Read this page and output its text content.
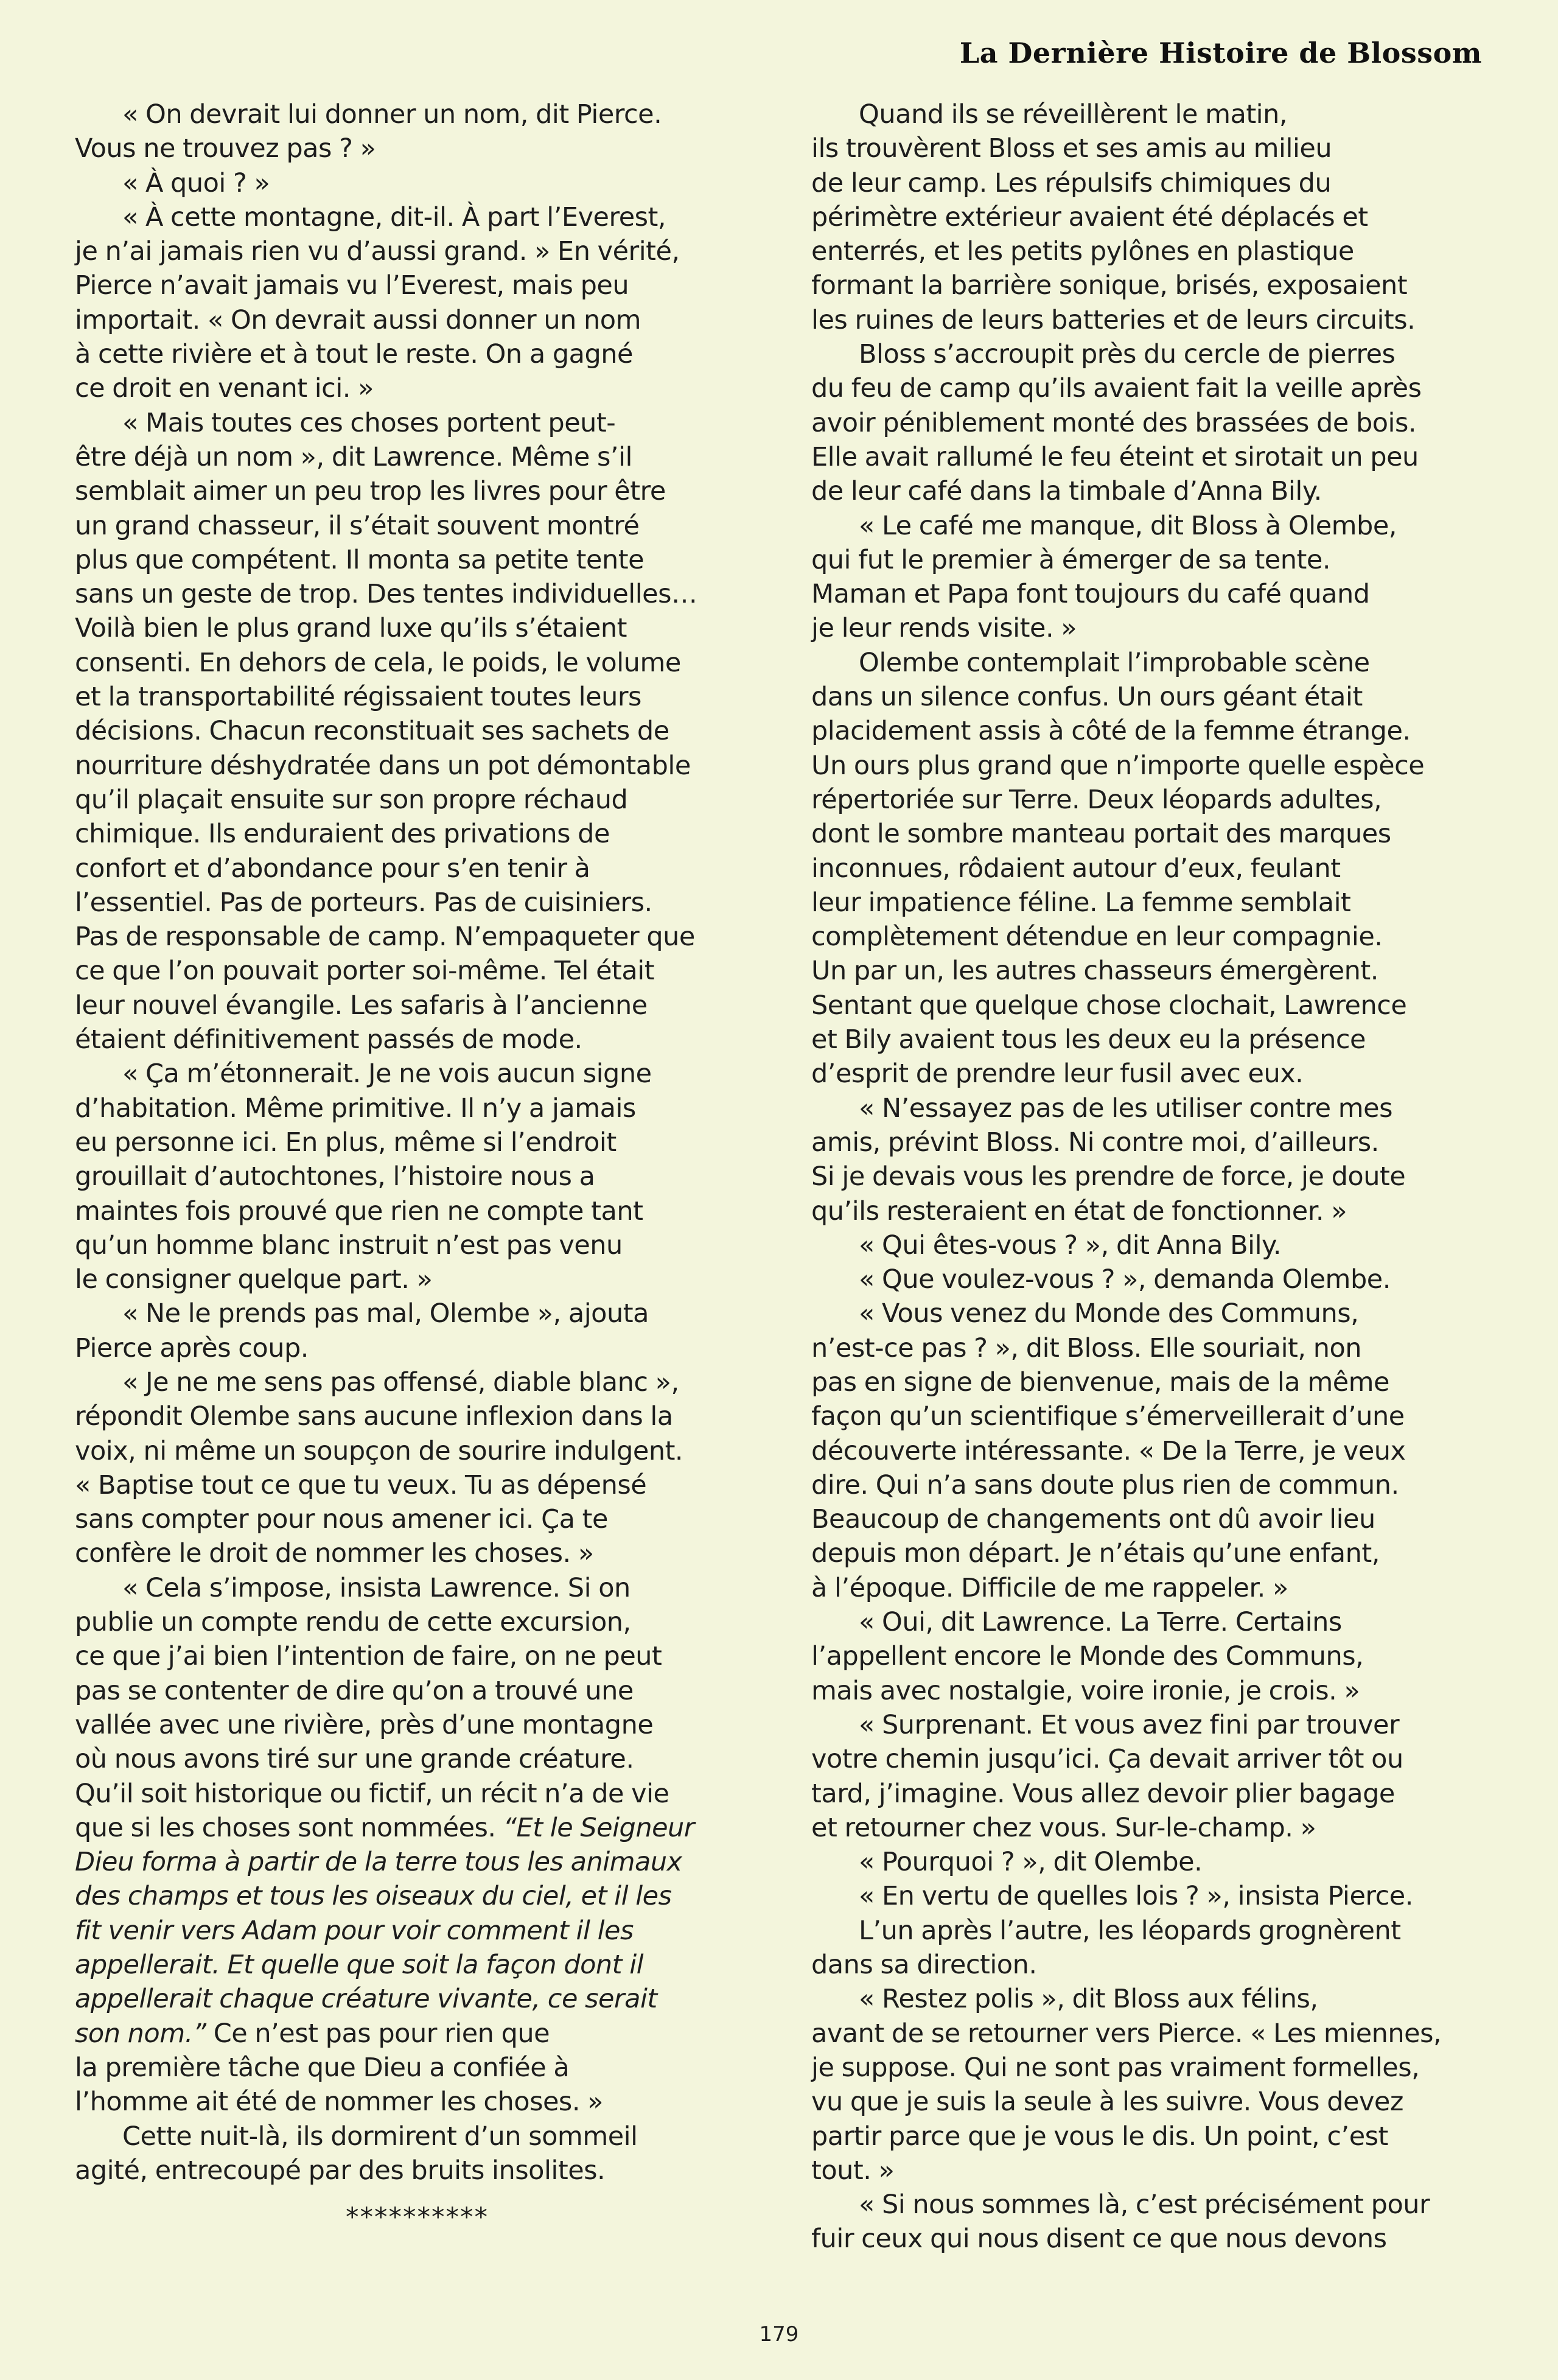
La Dernière Histoire de Blossom

« On devrait lui donner un nom, dit Pierce.
Vous ne trouvez pas ? »

« À quoi ? »

« À cette montagne, dit-il. À part l’Everest,
je n’ai jamais rien vu d’aussi grand. » En vérité,
Pierce n’avait jamais vu l’Everest, mais peu
importait. « On devrait aussi donner un nom
à cette rivière et à tout le reste. On a gagné
ce droit en venant ici. »

« Mais toutes ces choses portent peut-
être déjà un nom », dit Lawrence. Même s’il
semblait aimer un peu trop les livres pour être
un grand chasseur, il s’était souvent montré
plus que compétent. Il monta sa petite tente
sans un geste de trop. Des tentes individuelles…
Voilà bien le plus grand luxe qu’ils s’étaient
consenti. En dehors de cela, le poids, le volume
et la transportabilité régissaient toutes leurs
décisions. Chacun reconstituait ses sachets de
nourriture déshydratée dans un pot démontable
qu’il plaçait ensuite sur son propre réchaud
chimique. Ils enduraient des privations de
confort et d’abondance pour s’en tenir à
l’essentiel. Pas de porteurs. Pas de cuisiniers.
Pas de responsable de camp. N’empaqueter que
ce que l’on pouvait porter soi-même. Tel était
leur nouvel évangile. Les safaris à l’ancienne
étaient définitivement passés de mode.

« Ça m’étonnerait. Je ne vois aucun signe
d’habitation. Même primitive. Il n’y a jamais
eu personne ici. En plus, même si l’endroit
grouillait d’autochtones, l’histoire nous a
maintes fois prouvé que rien ne compte tant
qu’un homme blanc instruit n’est pas venu
le consigner quelque part. »

« Ne le prends pas mal, Olembe », ajouta
Pierce après coup.

« Je ne me sens pas offensé, diable blanc »,
répondit Olembe sans aucune inflexion dans la
voix, ni même un soupçon de sourire indulgent.
« Baptise tout ce que tu veux. Tu as dépensé
sans compter pour nous amener ici. Ça te
confère le droit de nommer les choses. »

« Cela s’impose, insista Lawrence. Si on
publie un compte rendu de cette excursion,
ce que j’ai bien l’intention de faire, on ne peut
pas se contenter de dire qu’on a trouvé une
vallée avec une rivière, près d’une montagne
où nous avons tiré sur une grande créature.
Qu’il soit historique ou fictif, un récit n’a de vie
que si les choses sont nommées. “Et le Seigneur
Dieu forma à partir de la terre tous les animaux
des champs et tous les oiseaux du ciel, et il les
fit venir vers Adam pour voir comment il les
appellerait. Et quelle que soit la façon dont il
appellerait chaque créature vivante, ce serait
son nom.” Ce n’est pas pour rien que

la première tâche que Dieu a confiée à
l’homme ait été de nommer les choses. »

Cette nuit-là, ils dormirent d’un sommeil
agité, entrecoupé par des bruits insolites.

Quand ils se réveillèrent le matin,
ils trouvèrent Bloss et ses amis au milieu
de leur camp. Les répulsifs chimiques du
périmètre extérieur avaient été déplacés et
enterrés, et les petits pylônes en plastique
formant la barrière sonique, brisés, exposaient
les ruines de leurs batteries et de leurs circuits.

Bloss s’accroupit près du cercle de pierres
du feu de camp qu’ils avaient fait la veille après
avoir péniblement monté des brassées de bois.
Elle avait rallumé le feu éteint et sirotait un peu
de leur café dans la timbale d’Anna Bily.

« Le café me manque, dit Bloss à Olembe,
qui fut le premier à émerger de sa tente.
Maman et Papa font toujours du café quand
je leur rends visite. »

Olembe contemplait l’improbable scène
dans un silence confus. Un ours géant était
placidement assis à côté de la femme étrange.
Un ours plus grand que n’importe quelle espèce
répertoriée sur Terre. Deux léopards adultes,
dont le sombre manteau portait des marques
inconnues, rôdaient autour d’eux, feulant
leur impatience féline. La femme semblait
complètement détendue en leur compagnie.
Un par un, les autres chasseurs émergèrent.
Sentant que quelque chose clochait, Lawrence
et Bily avaient tous les deux eu la présence
d’esprit de prendre leur fusil avec eux.

« N’essayez pas de les utiliser contre mes
amis, prévint Bloss. Ni contre moi, d’ailleurs.
Si je devais vous les prendre de force, je doute
qu’ils resteraient en état de fonctionner. »

« Qui êtes-vous ? », dit Anna Bily.

« Que voulez-vous ? », demanda Olembe.

« Vous venez du Monde des Communs,
n’est-ce pas ? », dit Bloss. Elle souriait, non
pas en signe de bienvenue, mais de la même
façon qu’un scientifique s’émerveillerait d’une
découverte intéressante. « De la Terre, je veux
dire. Qui n’a sans doute plus rien de commun.
Beaucoup de changements ont dû avoir lieu
depuis mon départ. Je n’étais qu’une enfant,
à l’époque. Difficile de me rappeler. »

« Oui, dit Lawrence. La Terre. Certains
l’appellent encore le Monde des Communs,
mais avec nostalgie, voire ironie, je crois. »

« Surprenant. Et vous avez fini par trouver
votre chemin jusqu’ici. Ça devait arriver tôt ou
tard, j’imagine. Vous allez devoir plier bagage
et retourner chez vous. Sur-le-champ. »

« Pourquoi ? », dit Olembe.

« En vertu de quelles lois ? », insista Pierce.

L’un après l’autre, les léopards grognèrent
dans sa direction.

« Restez polis », dit Bloss aux félins,
avant de se retourner vers Pierce. « Les miennes,
je suppose. Qui ne sont pas vraiment formelles,
vu que je suis la seule à les suivre. Vous devez
partir parce que je vous le dis. Un point, c’est
tout. »

« Si nous sommes là, c’est précisément pour
fuir ceux qui nous disent ce que nous devons

**********
179
